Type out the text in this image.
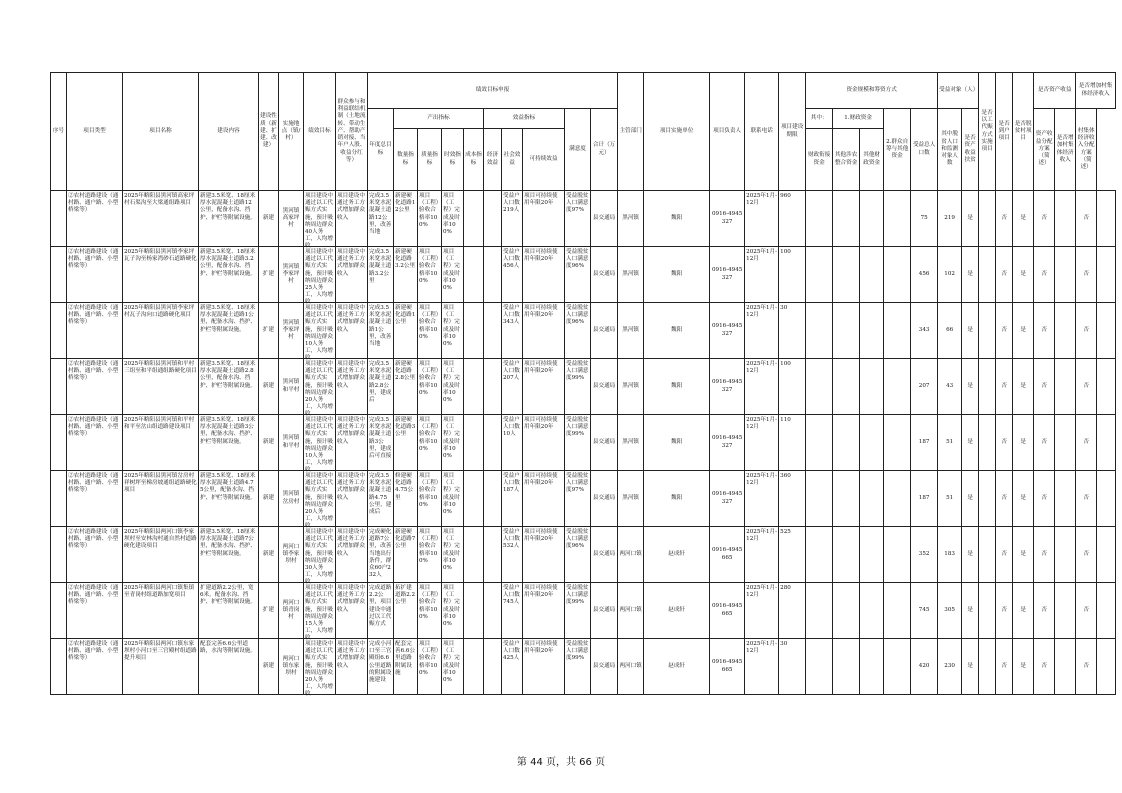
序号	项目类型	项目名称	建设内容	建设性质（新建、扩建、改建）	实施地点（镇/村）	绩效目标	群众参与和利益联结机制（土地流转、带动生产、帮助产销对接、当年户人股、收益分红等）	绩效目标申报										主管部门	项目实施单位	项目负责人	联系电话	项目建设期限	资金规模和筹资方式					受益对象（人）		是否以工代赈方式实施项目	是否到户项目	是否脱贫村项目	是否资产收益		是否增加村集体经济收入	
								年度总目标	产出指标				效益指标			满意度	合计（万元）						其中：	1.财政资金		2.群众自筹与其他资金	受益总人口数	其中脱贫人口和监测对象人数	是否资产收益扶贫				资产收益分配方案（简述）	是否增加村集体经济收入	村集体经济收入分配方案（简述）	
									数量指标	质量指标	时效指标	成本指标	经济效益	社会效益	可持续效益								财政衔接资金	其他涉农整合资金	其他财政资金											

	②农村道路建设（通村路、通户路、小型桥梁等）	2025年略阳县黑河镇高家坪村石渠沟至大梁通组路项目	新建3.5米宽、18厘米厚水泥混凝土道路12公里，配备水沟、挡护、护栏等附属设施。	新建	黑河镇高家坪村	项目建设中通过以工代赈方式实施，预计吸纳周边群众40人务工，人均增收	项目建设中通过务工方式增加群众收入	完成3.5米宽水泥混凝土道路12公里，改善当地	新建硬化道路12公里	项目（工程）验收合格率100%	项目（工程）完成及时率100%			受益户人口数219人	项目可持续使用年限20年	受益脱贫人口满意度97%	县交通局	黑河镇	魏阳	0916-4945327	2025年1月-12月	960					75	219	是		否	是	否		否	

	②农村道路建设（通村路、通户路、小型桥梁等）	2025年略阳县黑河镇李家坪瓦子沟至杨家湾砂石道路硬化	新建3.5米宽、18厘米厚水泥混凝土道路3.2公里，配备水沟、挡护、护栏等附属设施。	扩建	黑河镇李家坪村	项目建设中通过以工代赈方式实施，预计吸纳周边群众25人务工，人均增收	项目建设中通过务工方式增加群众收入	完成3.5米宽水泥混凝土道路3.2公里	新建硬化道路3.2公里	项目（工程）验收合格率100%	项目（工程）完成及时率100%			受益户人口数456人	项目可持续使用年限20年	受益脱贫人口满意度96%	县交通局	黑河镇	魏阳	0916-4945327	2025年1月-12月	100					456	102	是		否	是	否		否	

	②农村道路建设（通村路、通户路、小型桥梁等）	2025年略阳县黑河镇李家坪村瓦子沟向口道路硬化项目	新建3.5米宽、18厘米厚水泥混凝土道路1公里，配备水沟、挡护、护栏等附属设施。	扩建	黑河镇李家坪村	项目建设中通过以工代赈方式实施，预计吸纳周边群众10人务工，人均增收	项目建设中通过务工方式增加群众收入	完成3.5米宽水泥混凝土道路1公里，改善当地	新建硬化道路1公里	项目（工程）验收合格率100%	项目（工程）完成及时率100%			受益户人口数343人	项目可持续使用年限20年	受益脱贫人口满意度96%	县交通局	黑河镇	魏阳	0916-4945327	2025年1月-12月	30					343	66	是		否	是	否		否	

	②农村道路建设（通村路、通户路、小型桥梁等）	2025年略阳县黑河镇和平村三组至和平组通组路硬化项目	新建3.5米宽、18厘米厚水泥混凝土道路2.8公里，配备水沟、挡护、护栏等附属设施。	新建	黑河镇和平村	项目建设中通过以工代赈方式实施，预计吸纳周边群众20人务工，人均增收	项目建设中通过务工方式增加群众收入	完成3.5米宽水泥混凝土道路2.8公里，建成后	新建硬化道路2.8公里	项目（工程）验收合格率100%	项目（工程）完成及时率100%			受益户人口数207人	项目可持续使用年限20年	受益脱贫人口满意度99%	县交通局	黑河镇	魏阳	0916-4945327	2025年1月-12月	100					207	43	是		否	是	否		否	

	②农村道路建设（通村路、通户路、小型桥梁等）	2025年略阳县黑河镇和平村和平至岔山组道路建设项目	新建3.5米宽、18厘米厚水泥混凝土道路3公里，配备水沟、挡护、护栏等附属设施。	新建	黑河镇和平村	项目建设中通过以工代赈方式实施，预计吸纳周边群众10人务工，人均增收	项目建设中通过务工方式增加群众收入	完成3.5米宽水泥混凝土道路3公里，建成后可直接	新建硬化道路3公里	项目（工程）验收合格率100%	项目（工程）完成及时率100%			受益户人口数10人	项目可持续使用年限20年	受益脱贫人口满意度99%	县交通局	黑河镇	魏阳	0916-4945327	2025年1月-12月	110					187	51	是		否	是	否		否	

	②农村道路建设（通村路、通户路、小型桥梁等）	2025年略阳县黑河镇岔房村祥树坪至梯房坡通组道路硬化项目	新建3.5米宽、18厘米厚水泥混凝土道路4.75公里，配备水沟、挡护、护栏等附属设施。	新建	黑河镇岔房村	项目建设中通过以工代赈方式实施，预计吸纳周边群众20人务工，人均增收	项目建设中通过务工方式增加群众收入	完成3.5米宽水泥混凝土道路4.75公里，建成后	修建硬化道路4.75公里	项目（工程）验收合格率100%	项目（工程）完成及时率100%			受益户人口数187人	项目可持续使用年限20年	受益脱贫人口满意度97%	县交通局	黑河镇	魏阳	0916-4945327	2025年1月-12月	360					187	51	是		否	是	否		否	

	②农村道路建设（通村路、通户路、小型桥梁等）	2025年略阳县两河口镇李家坝村至安林沟村通自然村道路硬化建设项目	新建3.5米宽、18厘米厚水泥混凝土道路7公里，配备水沟、挡护、护栏等附属设施。	新建	两河口镇李家坝村	项目建设中通过以工代赈方式实施，预计吸纳周边群众30人务工，人均增收	项目建设中通过务工方式增加群众收入	完成硬化道路7公里，改善当地出行条件，群众60户232人	新建硬化道路7公里	项目（工程）验收合格率100%	项目（工程）完成及时率100%			受益户人口数532人	项目可持续使用年限20年	受益脱贫人口满意度96%	县交通局	两河口镇	赵成轩	0916-4945665	2025年1月-12月	525					352	183	是		否	是	否		否	

	②农村道路建设（通村路、通户路、小型桥梁等）	2025年略阳县两河口镇集镇至青岗村组道路加宽项目	扩建道路2.2公里，宽6米，配备水沟、挡护、护栏等附属设施。	扩建	两河口镇青岗村	项目建设中通过以工代赈方式实施，预计吸纳周边群众15人务工，人均增收	项目建设中通过务工方式增加群众收入	完成道路2.2公里，项目建设中通过以工代赈方式	拓扩建道路2.2公里	项目（工程）验收合格率100%	项目（工程）完成及时率100%			受益户人口数745人	项目可持续使用年限20年	受益脱贫人口满意度99%	县交通局	两河口镇	赵成轩	0916-4945665	2025年1月-12月	280					745	305	是		否	是	否		否	

	②农村道路建设（通村路、通户路、小型桥梁等）	2025年略阳县两河口镇东家坝村小河口至三官殿村组道路提升项目	配套完善6.6公里道路，水沟等附属设施。	新建	两河口镇东家坝村	项目建设中通过以工代赈方式实施，预计吸纳周边群众20人务工，人均增收	项目建设中通过务工方式增加群众收入	完成小河口至三官殿组6.6公里道路的附属设施建设	配套完善6.6公里道路附属设施	项目（工程）验收合格率100%	项目（工程）完成及时率100%			受益户人口数425人	项目可持续使用年限20年	受益脱贫人口满意度99%	县交通局	两河口镇	赵成轩	0916-4945665	2025年1月-12月	30					420	230	是		否	是	否		否	

第 44 页，共 66 页
